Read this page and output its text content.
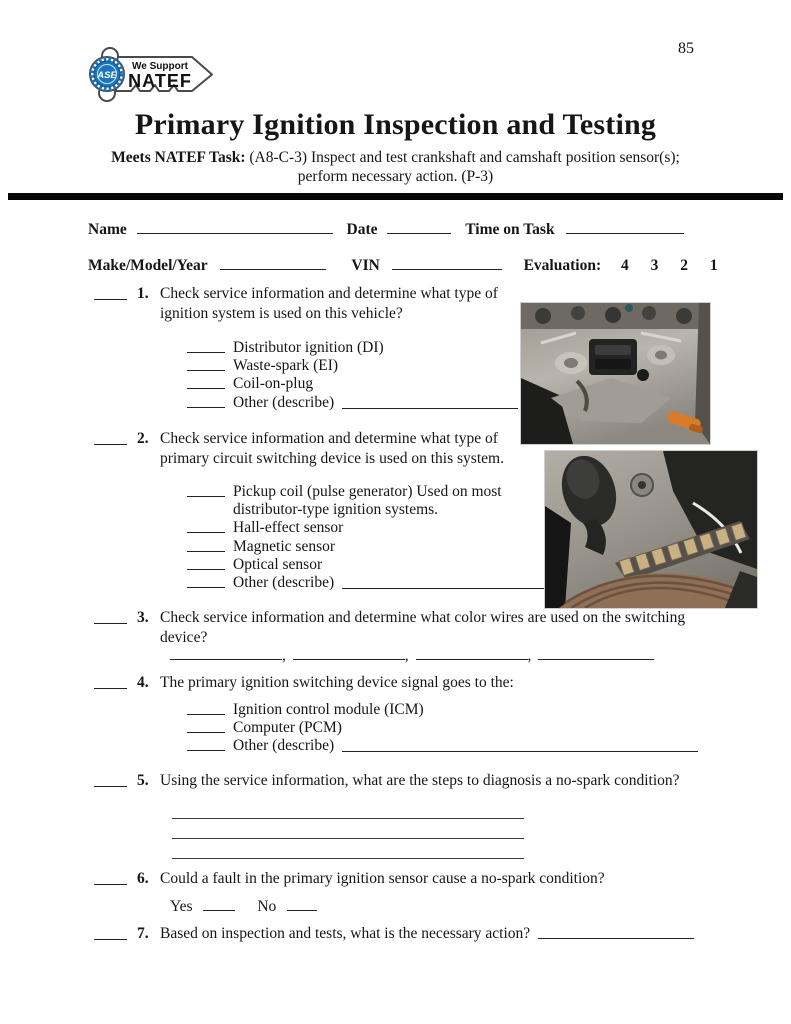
ASE
We Support
NATEF
85
Primary Ignition Inspection and Testing
Meets NATEF Task: (A8-C-3) Inspect and test crankshaft and camshaft position sensor(s);
perform necessary action. (P-3)
Name	Date	Time on Task
Make/Model/Year	VIN	Evaluation: 4 3 2 1
1. Check service information and determine what type of ignition system is used on this vehicle?
Distributor ignition (DI)
Waste-spark (EI)
Coil-on-plug
Other (describe)
2. Check service information and determine what type of primary circuit switching device is used on this system.
Pickup coil (pulse generator) Used on most distributor-type ignition systems.
Hall-effect sensor
Magnetic sensor
Optical sensor
Other (describe)
3. Check service information and determine what color wires are used on the switching device?
,	,	,
4. The primary ignition switching device signal goes to the:
Ignition control module (ICM)
Computer (PCM)
Other (describe)
5. Using the service information, what are the steps to diagnosis a no-spark condition?
6. Could a fault in the primary ignition sensor cause a no-spark condition?
Yes	No
7. Based on inspection and tests, what is the necessary action?
